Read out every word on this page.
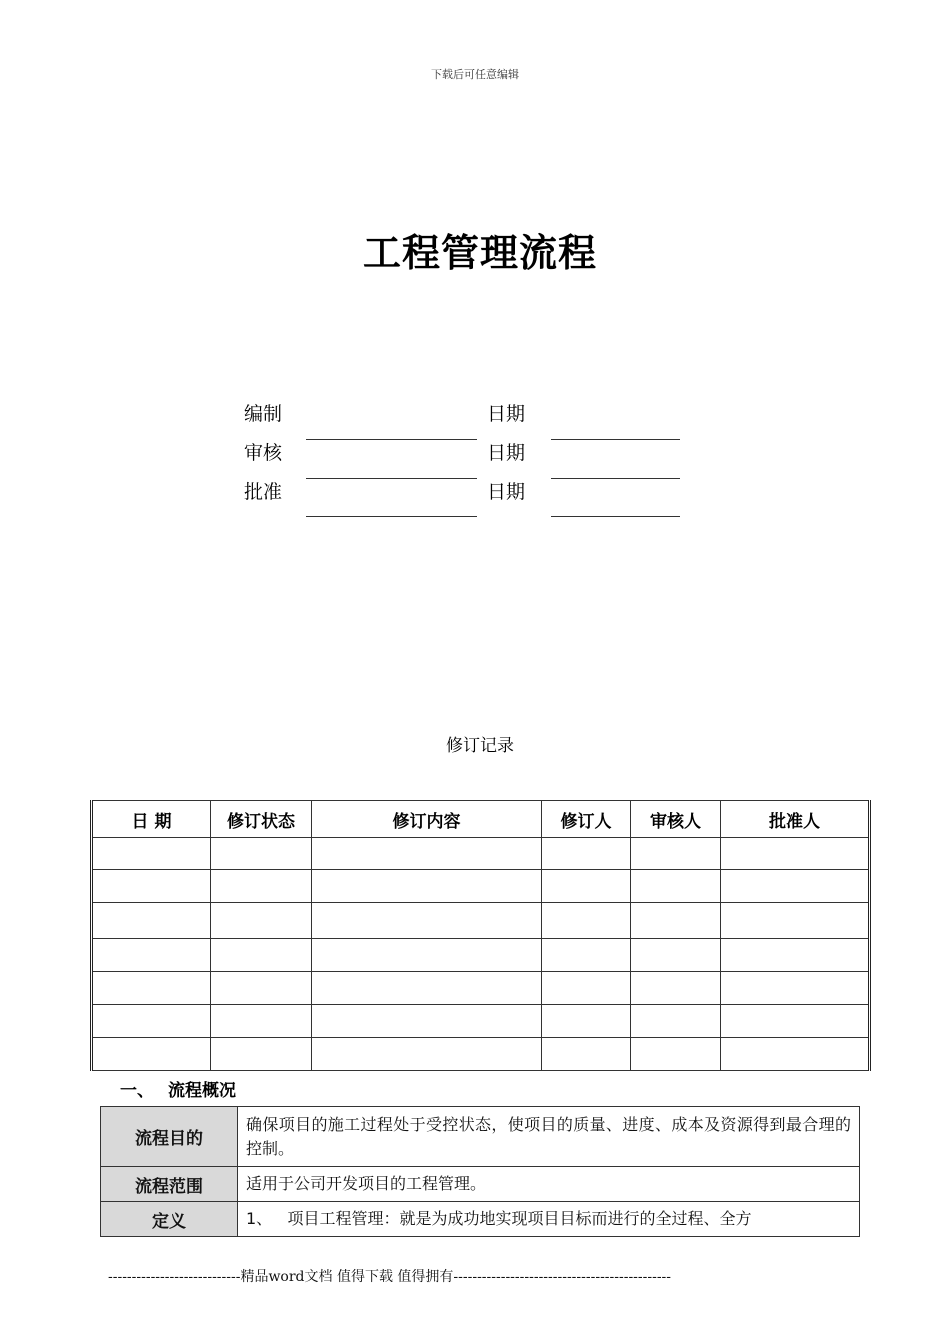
下载后可任意编辑
工程管理流程
编制	日期
审核	日期
批准	日期
修订记录
日 期	修订状态	修订内容	修订人	审核人	批准人

一、 流程概况
流程目的	确保项目的施工过程处于受控状态，使项目的质量、进度、成本及资源得到最合理的控制。
流程范围	适用于公司开发项目的工程管理。
定义	1、   项目工程管理：就是为成功地实现项目目标而进行的全过程、全方
----------------------------精品word文档 值得下载 值得拥有----------------------------------------------
